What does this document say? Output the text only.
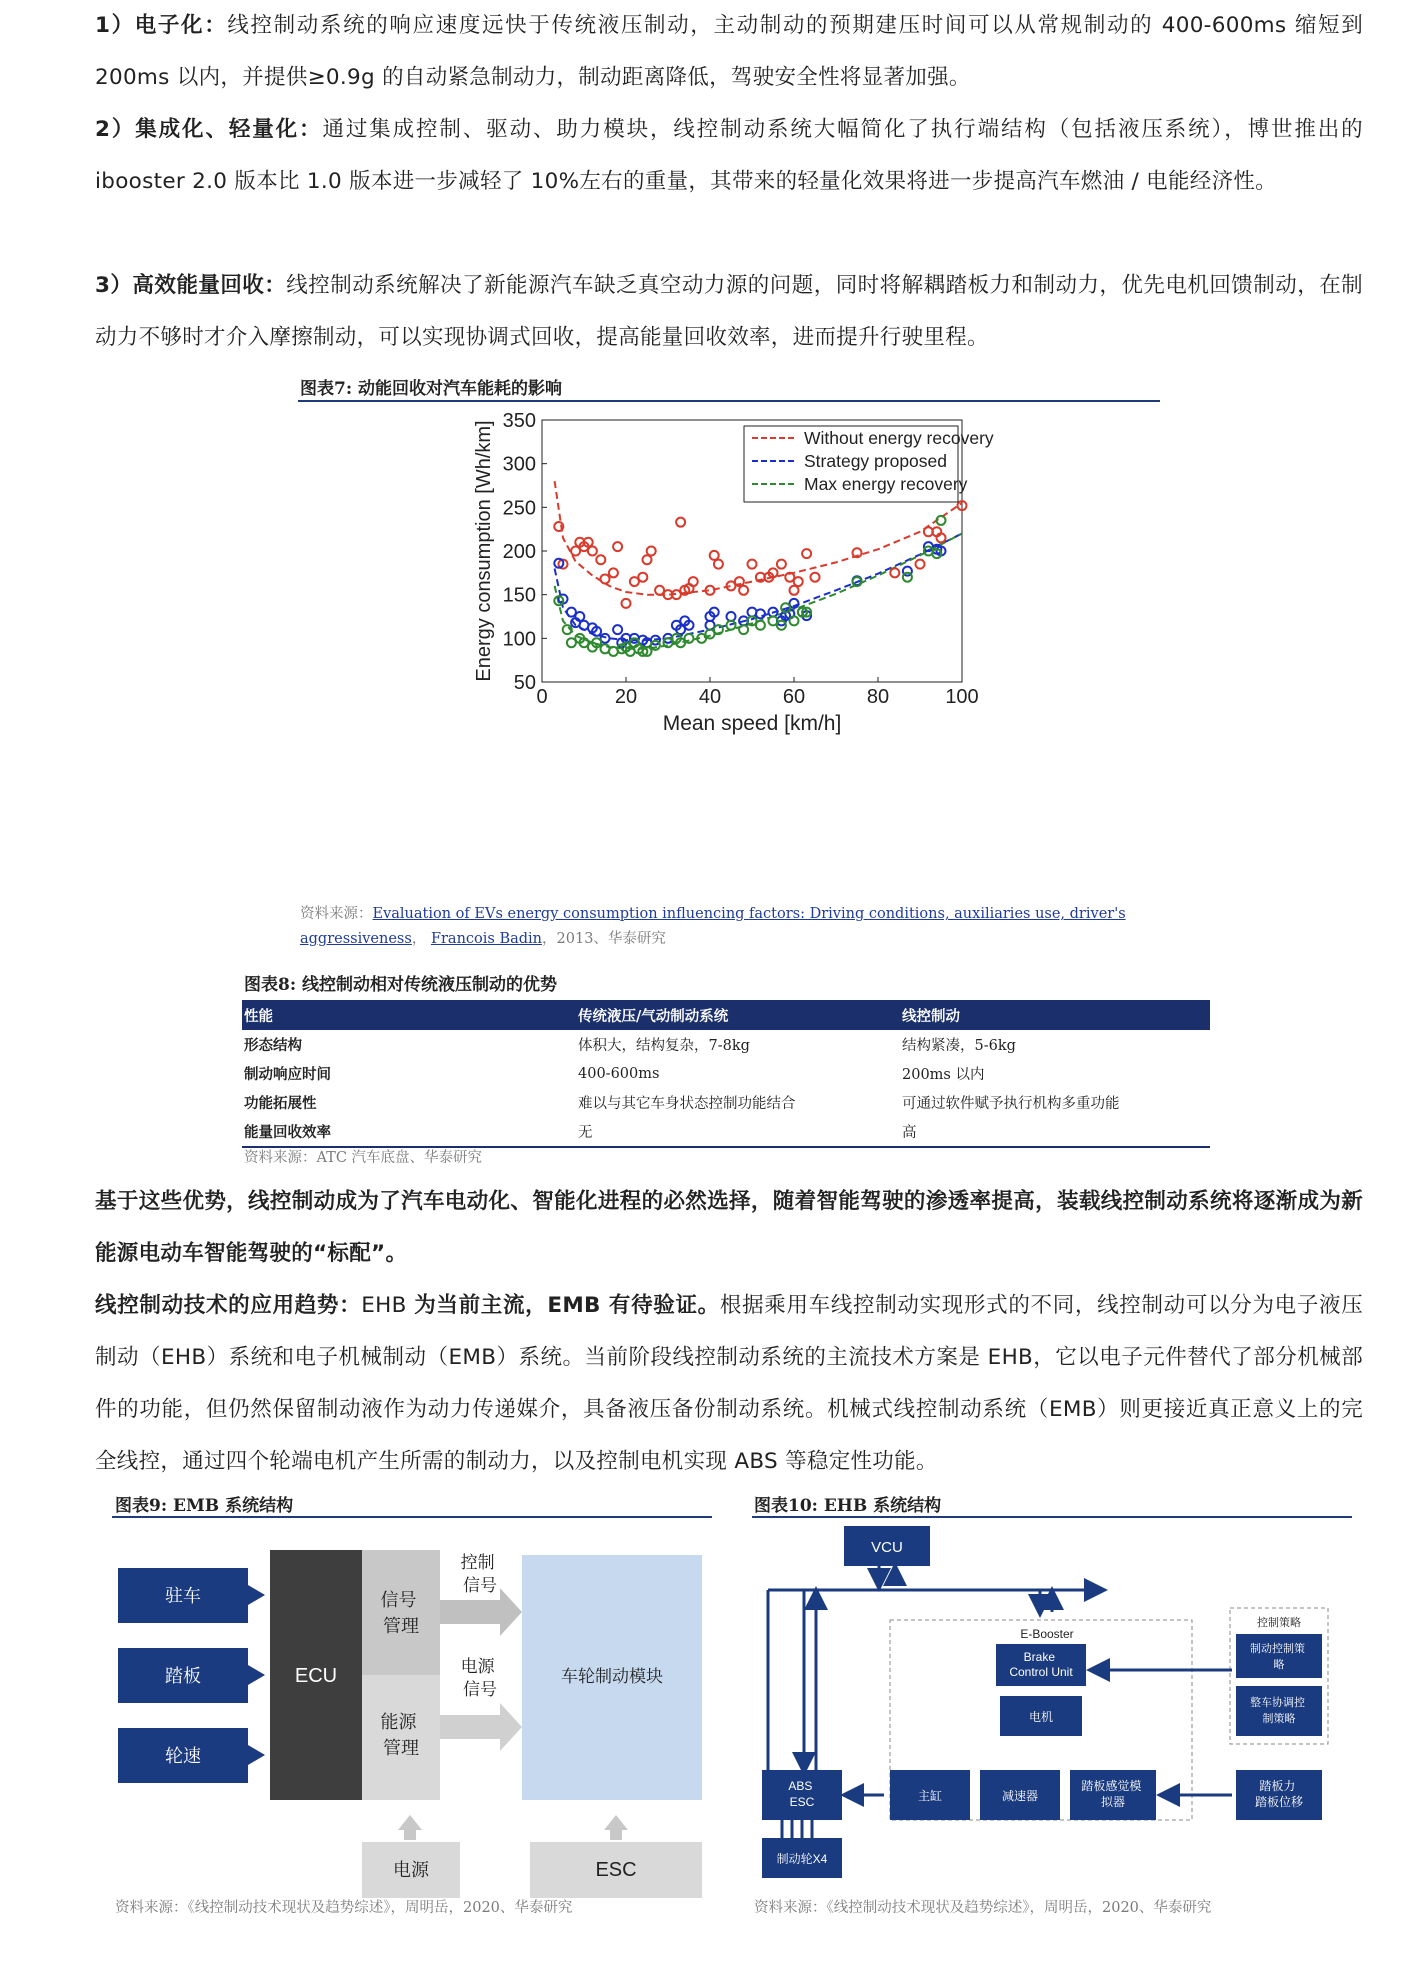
1）电子化：线控制动系统的响应速度远快于传统液压制动，主动制动的预期建压时间可以从常规制动的 400-600ms 缩短到 200ms 以内，并提供≥0.9g 的自动紧急制动力，制动距离降低，驾驶安全性将显著加强。
2）集成化、轻量化：通过集成控制、驱动、助力模块，线控制动系统大幅简化了执行端结构（包括液压系统），博世推出的 ibooster 2.0 版本比 1.0 版本进一步减轻了 10%左右的重量，其带来的轻量化效果将进一步提高汽车燃油 / 电能经济性。
3）高效能量回收：线控制动系统解决了新能源汽车缺乏真空动力源的问题，同时将解耦踏板力和制动力，优先电机回馈制动，在制动力不够时才介入摩擦制动，可以实现协调式回收，提高能量回收效率，进而提升行驶里程。
图表7: 动能回收对汽车能耗的影响
0	20	40	60	80	100
50
100
150
200
250
300
350
Mean speed [km/h]
Energy consumption [Wh/km]	Without energy recovery
Strategy proposed
Max energy recovery
资料来源：Evaluation of EVs energy consumption influencing factors: Driving conditions, auxiliaries use, driver's aggressiveness， Francois Badin，2013、华泰研究
图表8: 线控制动相对传统液压制动的优势
性能	传统液压/气动制动系统	线控制动
形态结构	体积大，结构复杂，7-8kg	结构紧凑，5-6kg
制动响应时间	400-600ms	200ms 以内
功能拓展性	难以与其它车身状态控制功能结合	可通过软件赋予执行机构多重功能
能量回收效率	无	高
资料来源：ATC 汽车底盘、华泰研究
基于这些优势，线控制动成为了汽车电动化、智能化进程的必然选择，随着智能驾驶的渗透率提高，装载线控制动系统将逐渐成为新能源电动车智能驾驶的“标配”。
线控制动技术的应用趋势：EHB 为当前主流，EMB 有待验证。根据乘用车线控制动实现形式的不同，线控制动可以分为电子液压制动（EHB）系统和电子机械制动（EMB）系统。当前阶段线控制动系统的主流技术方案是 EHB，它以电子元件替代了部分机械部件的功能，但仍然保留制动液作为动力传递媒介，具备液压备份制动系统。机械式线控制动系统（EMB）则更接近真正意义上的完全线控，通过四个轮端电机产生所需的制动力，以及控制电机实现 ABS 等稳定性功能。
图表9: EMB 系统结构
驻车
踏板
轮速
ECU
信号 管理
能源 管理
控制 信号
电源 信号
车轮制动模块
电源	ESC
资料来源：《线控制动技术现状及趋势综述》，周明岳，2020、华泰研究
图表10: EHB 系统结构
VCU
E-Booster
Brake Control Unit
电机
ABS ESC	主缸	减速器
踏板感觉模 拟器
踏板力 踏板位移
控制策略
制动控制策 略
整车协调控 制策略
制动轮X4
资料来源：《线控制动技术现状及趋势综述》，周明岳，2020、华泰研究
